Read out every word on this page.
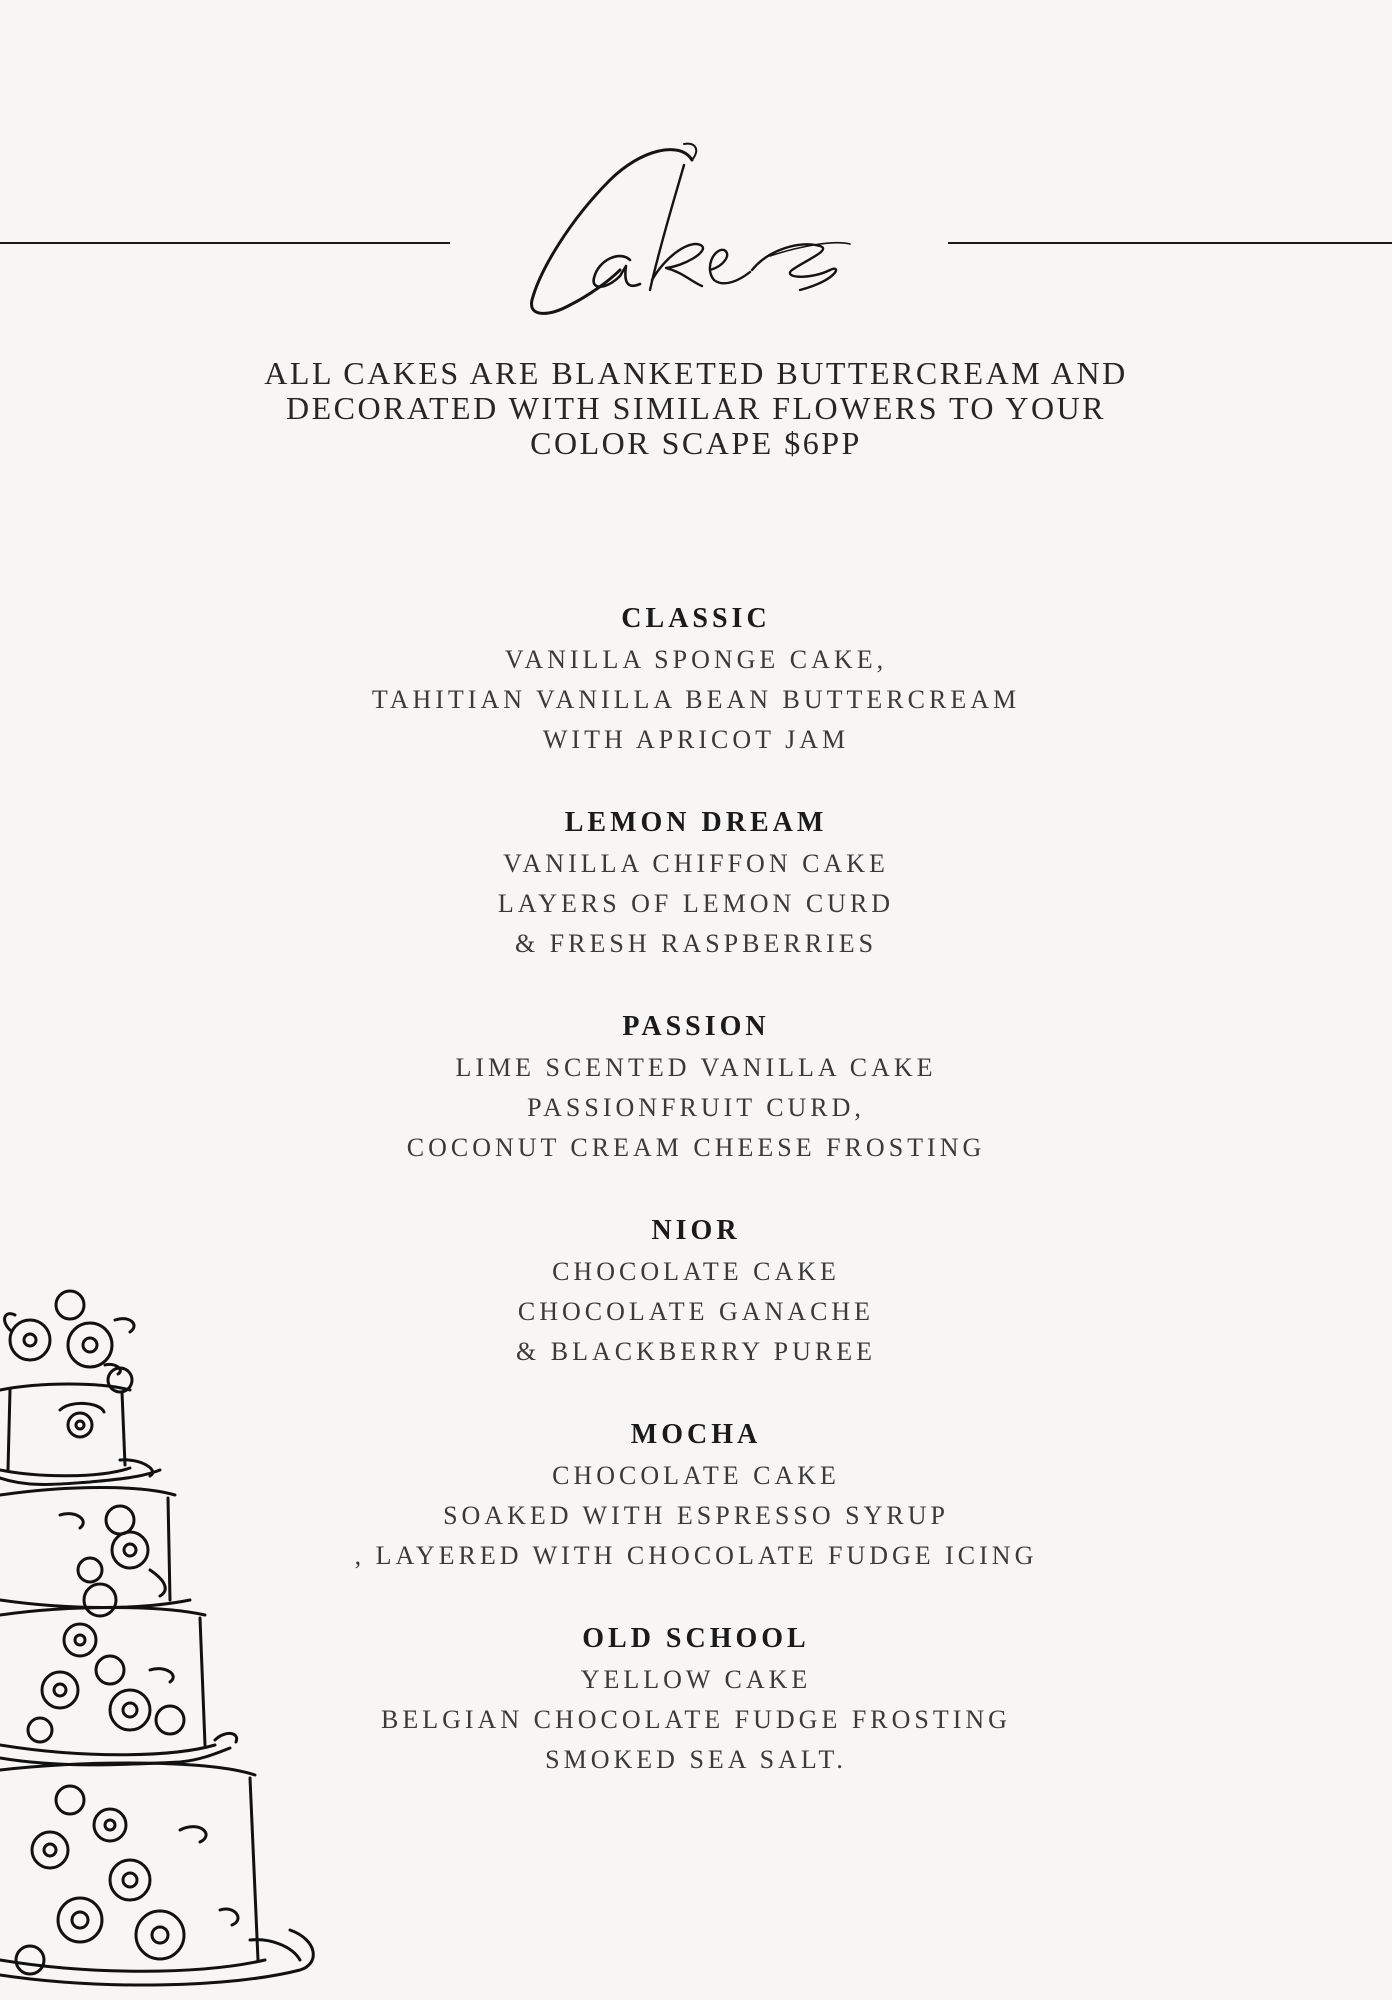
ALL CAKES ARE BLANKETED BUTTERCREAM AND
DECORATED WITH SIMILAR FLOWERS TO YOUR
COLOR SCAPE $6PP
CLASSIC
VANILLA SPONGE CAKE,
TAHITIAN VANILLA BEAN BUTTERCREAM
WITH APRICOT JAM
LEMON DREAM
VANILLA CHIFFON CAKE
LAYERS OF LEMON CURD
& FRESH RASPBERRIES
PASSION
LIME SCENTED VANILLA CAKE
PASSIONFRUIT CURD,
COCONUT CREAM CHEESE FROSTING
NIOR
CHOCOLATE CAKE
CHOCOLATE GANACHE
& BLACKBERRY PUREE
MOCHA
CHOCOLATE CAKE
SOAKED WITH ESPRESSO SYRUP
, LAYERED WITH CHOCOLATE FUDGE ICING
OLD SCHOOL
YELLOW CAKE
BELGIAN CHOCOLATE FUDGE FROSTING
SMOKED SEA SALT.
